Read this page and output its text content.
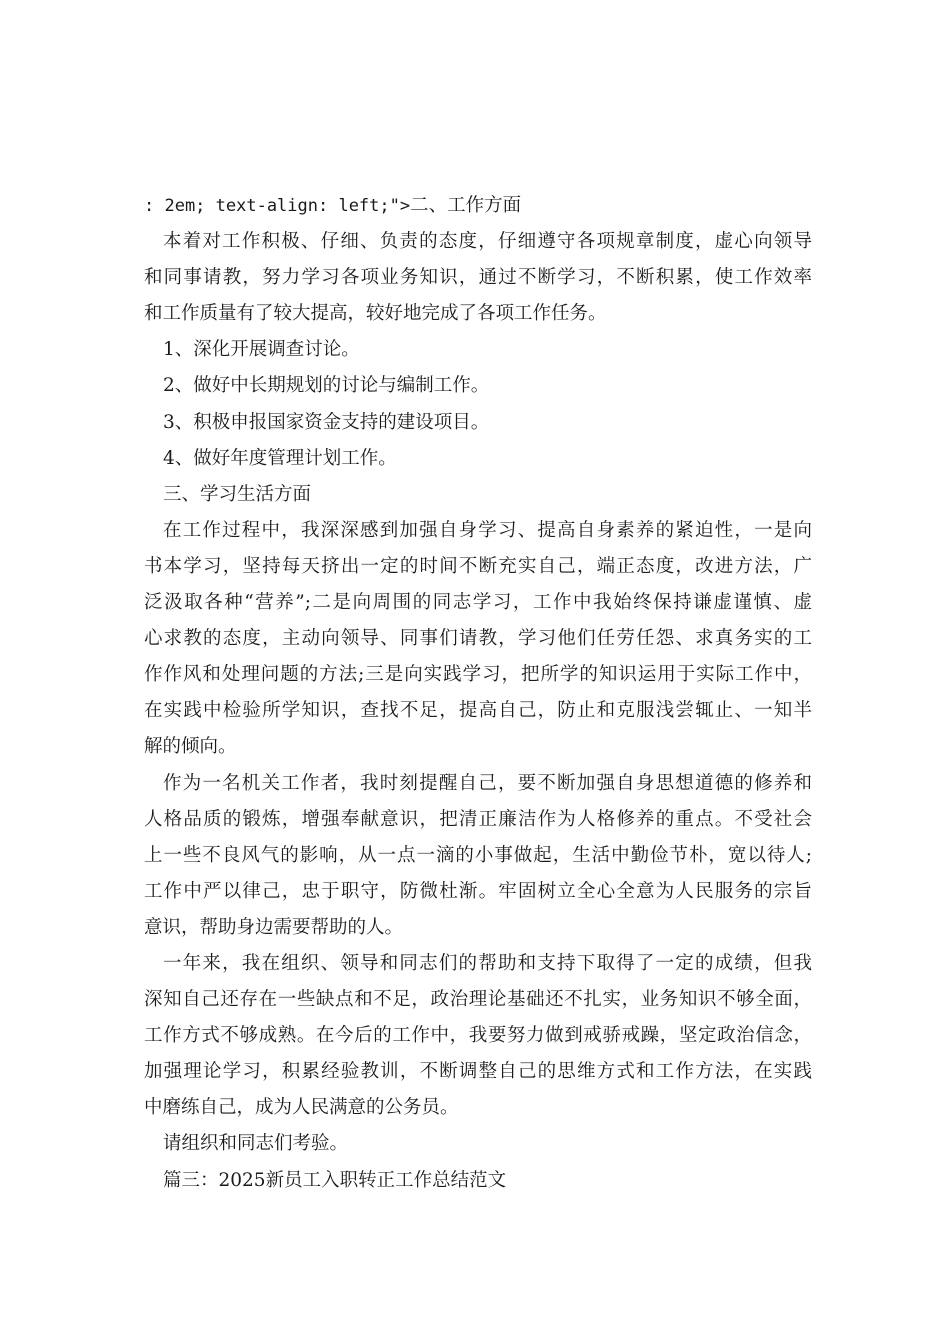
: 2em; text-align: left;">二、工作方面
本着对工作积极、仔细、负责的态度，仔细遵守各项规章制度，虚心向领导
和同事请教，努力学习各项业务知识，通过不断学习，不断积累，使工作效率
和工作质量有了较大提高，较好地完成了各项工作任务。
1、深化开展调查讨论。
2、做好中长期规划的讨论与编制工作。
3、积极申报国家资金支持的建设项目。
4、做好年度管理计划工作。
三、学习生活方面
在工作过程中，我深深感到加强自身学习、提高自身素养的紧迫性，一是向
书本学习，坚持每天挤出一定的时间不断充实自己，端正态度，改进方法，广
泛汲取各种“营养”;二是向周围的同志学习，工作中我始终保持谦虚谨慎、虚
心求教的态度，主动向领导、同事们请教，学习他们任劳任怨、求真务实的工
作作风和处理问题的方法;三是向实践学习，把所学的知识运用于实际工作中，
在实践中检验所学知识，查找不足，提高自己，防止和克服浅尝辄止、一知半
解的倾向。
作为一名机关工作者，我时刻提醒自己，要不断加强自身思想道德的修养和
人格品质的锻炼，增强奉献意识，把清正廉洁作为人格修养的重点。不受社会
上一些不良风气的影响，从一点一滴的小事做起，生活中勤俭节朴，宽以待人;
工作中严以律己，忠于职守，防微杜渐。牢固树立全心全意为人民服务的宗旨
意识，帮助身边需要帮助的人。
一年来，我在组织、领导和同志们的帮助和支持下取得了一定的成绩，但我
深知自己还存在一些缺点和不足，政治理论基础还不扎实，业务知识不够全面，
工作方式不够成熟。在今后的工作中，我要努力做到戒骄戒躁，坚定政治信念，
加强理论学习，积累经验教训，不断调整自己的思维方式和工作方法，在实践
中磨练自己，成为人民满意的公务员。
请组织和同志们考验。
篇三：2025新员工入职转正工作总结范文
